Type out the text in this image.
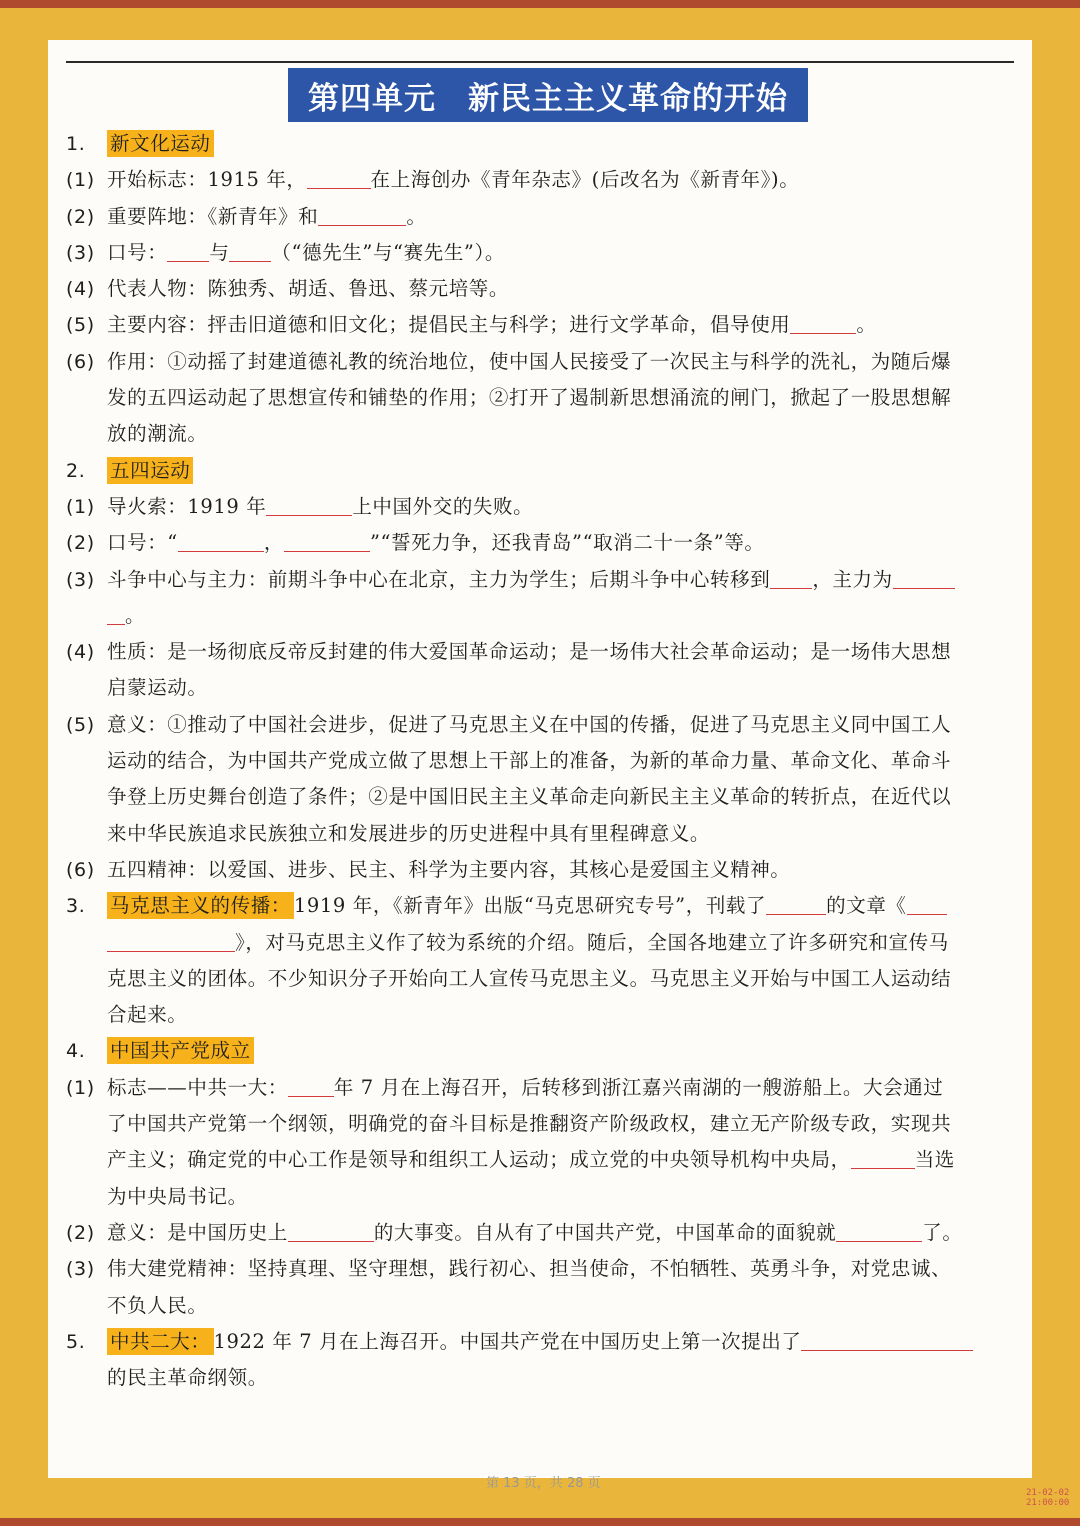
第四单元
　 新民主主义革命的开始
1. 新文化运动
(1) 开始标志：1915 年，	在上海创办《青年杂志》(后改名为《新青年》)。
(2) 重要阵地：《新青年》和	。
(3) 口号： 与 （“德先生”与“赛先生”）。
(4) 代表人物：陈独秀、胡适、鲁迅、蔡元培等。
(5) 主要内容：抨击旧道德和旧文化；提倡民主与科学；进行文学革命，倡导使用	。
(6) 作用：①动摇了封建道德礼教的统治地位，使中国人民接受了一次民主与科学的洗礼，为随后爆
发的五四运动起了思想宣传和铺垫的作用；②打开了遏制新思想涌流的闸门，掀起了一股思想解
放的潮流。
2. 五四运动
(1) 导火索：1919 年	上中国外交的失败。
(2) 口号：“	，	”“誓死力争，还我青岛”“取消二十一条”等。
(3) 斗争中心与主力：前期斗争中心在北京，主力为学生；后期斗争中心转移到 ，主力为
。
(4) 性质：是一场彻底反帝反封建的伟大爱国革命运动；是一场伟大社会革命运动；是一场伟大思想
启蒙运动。
(5) 意义：①推动了中国社会进步，促进了马克思主义在中国的传播，促进了马克思主义同中国工人
运动的结合，为中国共产党成立做了思想上干部上的准备，为新的革命力量、革命文化、革命斗
争登上历史舞台创造了条件；②是中国旧民主主义革命走向新民主主义革命的转折点，在近代以
来中华民族追求民族独立和发展进步的历史进程中具有里程碑意义。
(6) 五四精神：以爱国、进步、民主、科学为主要内容，其核心是爱国主义精神。
3. 马克思主义的传播： 1919 年，《新青年》出版“马克思研究专号”，刊载了	的文章《
》，对马克思主义作了较为系统的介绍。随后，全国各地建立了许多研究和宣传马
克思主义的团体。不少知识分子开始向工人宣传马克思主义。马克思主义开始与中国工人运动结
合起来。
4. 中国共产党成立
(1) 标志——中共一大： 年 7 月在上海召开，后转移到浙江嘉兴南湖的一艘游船上。大会通过
了中国共产党第一个纲领，明确党的奋斗目标是推翻资产阶级政权，建立无产阶级专政，实现共
产主义；确定党的中心工作是领导和组织工人运动；成立党的中央领导机构中央局，	当选
为中央局书记。
(2) 意义：是中国历史上	的大事变。自从有了中国共产党，中国革命的面貌就	了。
(3) 伟大建党精神：坚持真理、坚守理想，践行初心、担当使命，不怕牺牲、英勇斗争，对党忠诚、
不负人民。
5. 中共二大： 1922 年 7 月在上海召开。中国共产党在中国历史上第一次提出了
的民主革命纲领。
第 13 页，共 28 页
21-02-02
21:00:00
